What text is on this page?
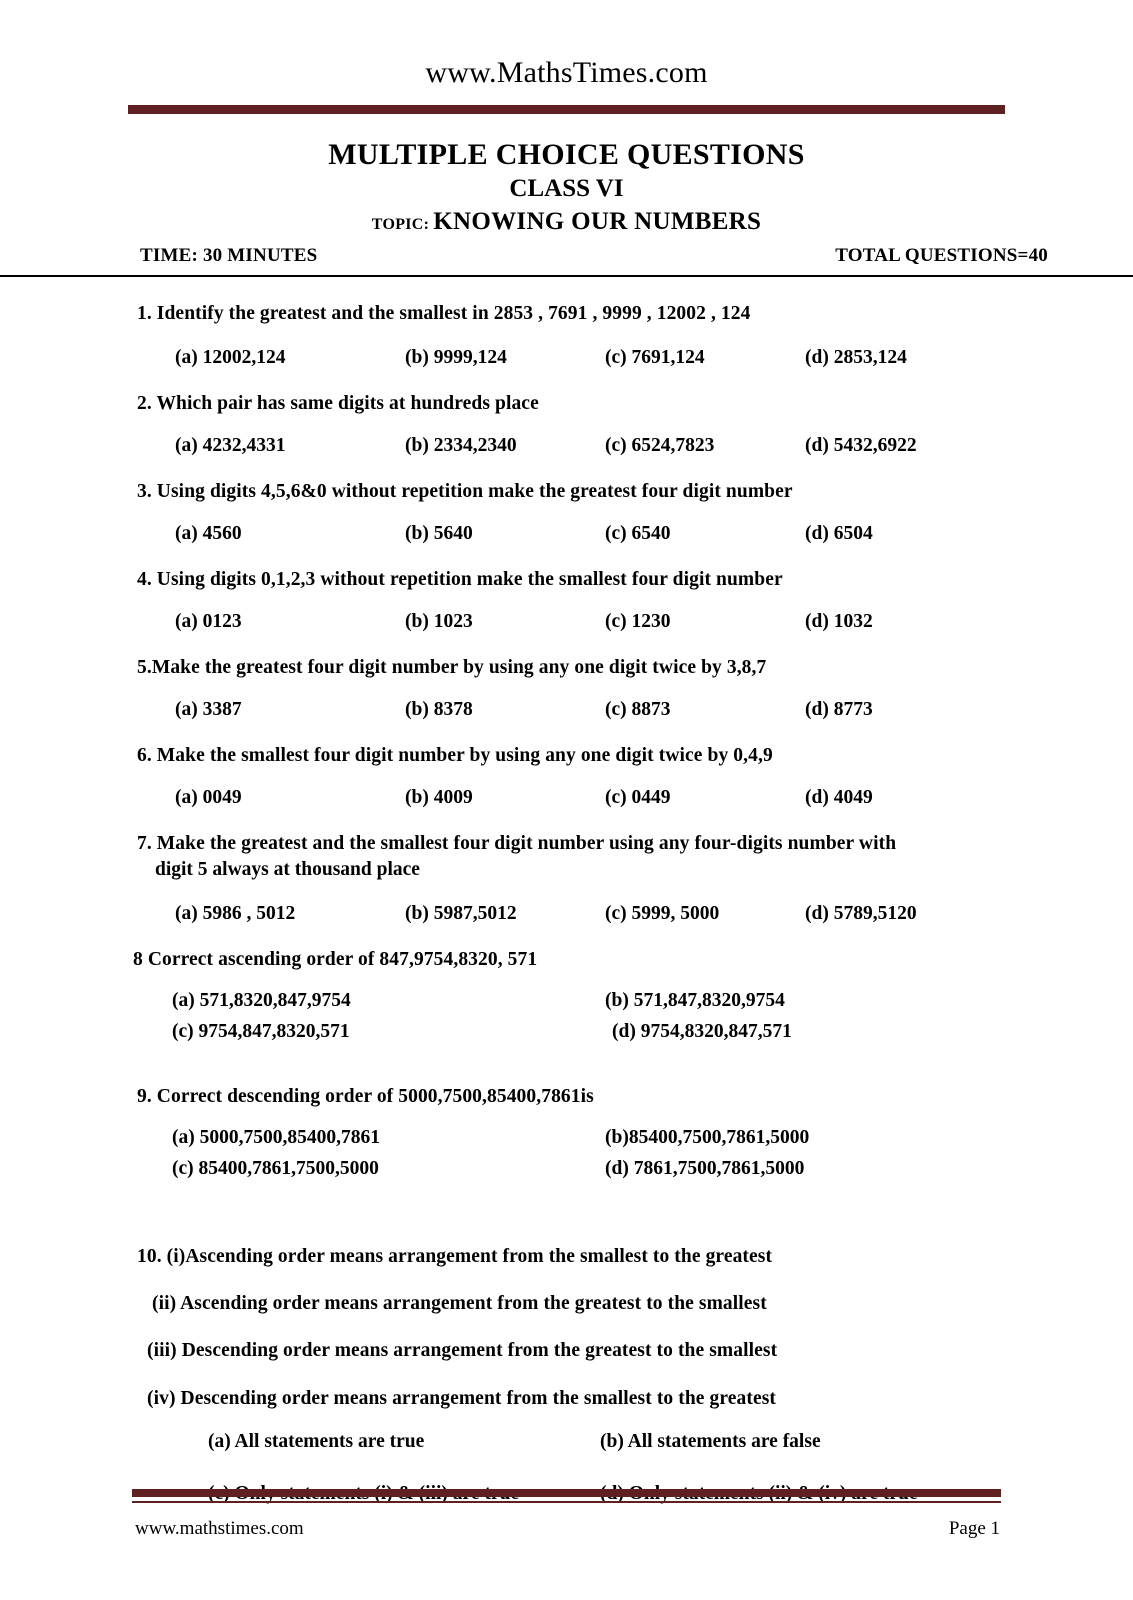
www.MathsTimes.com
MULTIPLE CHOICE QUESTIONS
CLASS VI
TOPIC: KNOWING OUR NUMBERS
TIME: 30 MINUTES	TOTAL QUESTIONS=40
1. Identify the greatest and the smallest in 2853 , 7691 , 9999 , 12002 , 124
(a) 12002,124	(b) 9999,124	(c) 7691,124	(d) 2853,124
2. Which pair has same digits at hundreds place
(a) 4232,4331	(b) 2334,2340	(c) 6524,7823	(d) 5432,6922
3. Using digits 4,5,6&0 without repetition make the greatest four digit number
(a) 4560	(b) 5640	(c) 6540	(d) 6504
4. Using digits 0,1,2,3 without repetition make the smallest four digit number
(a) 0123	(b) 1023	(c) 1230	(d) 1032
5.Make the greatest four digit number by using any one digit twice by 3,8,7
(a) 3387	(b) 8378	(c) 8873	(d) 8773
6. Make the smallest four digit number by using any one digit twice by 0,4,9
(a) 0049	(b) 4009	(c) 0449	(d) 4049
7. Make the greatest and the smallest four digit number using any four-digits number with
digit 5 always at thousand place
(a) 5986 , 5012	(b) 5987,5012	(c) 5999, 5000	(d) 5789,5120
8 Correct ascending order of 847,9754,8320, 571
(a) 571,8320,847,9754	(b) 571,847,8320,9754
(c) 9754,847,8320,571	(d) 9754,8320,847,571
9. Correct descending order of 5000,7500,85400,7861is
(a) 5000,7500,85400,7861	(b)85400,7500,7861,5000
(c) 85400,7861,7500,5000	(d) 7861,7500,7861,5000
10. (i)Ascending order means arrangement from the smallest to the greatest
(ii) Ascending order means arrangement from the greatest to the smallest
(iii) Descending order means arrangement from the greatest to the smallest
(iv) Descending order means arrangement from the smallest to the greatest
(a) All statements are true	(b) All statements are false
www.mathstimes.com	Page 1
